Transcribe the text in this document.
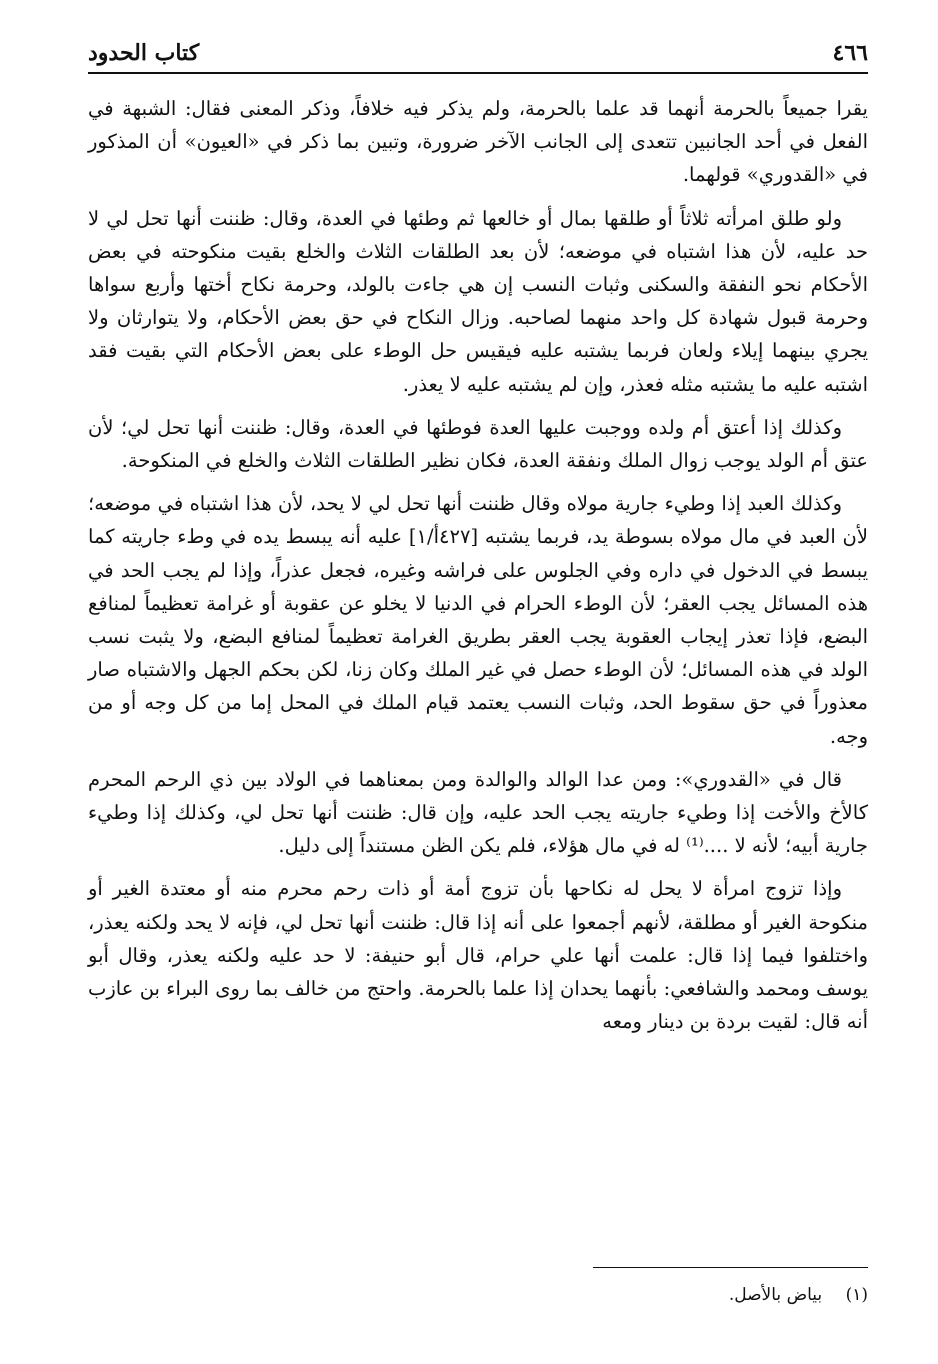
٤٦٦
كتاب الحدود

يقرا جميعاً بالحرمة أنهما قد علما بالحرمة، ولم يذكر فيه خلافاً، وذكر المعنى فقال: الشبهة في الفعل في أحد الجانبين تتعدى إلى الجانب الآخر ضرورة، وتبين بما ذكر في «العيون» أن المذكور في «القدوري» قولهما.

ولو طلق امرأته ثلاثاً أو طلقها بمال أو خالعها ثم وطئها في العدة، وقال: ظننت أنها تحل لي لا حد عليه، لأن هذا اشتباه في موضعه؛ لأن بعد الطلقات الثلاث والخلع بقيت منكوحته في بعض الأحكام نحو النفقة والسكنى وثبات النسب إن هي جاءت بالولد، وحرمة نكاح أختها وأربع سواها وحرمة قبول شهادة كل واحد منهما لصاحبه. وزال النكاح في حق بعض الأحكام، ولا يتوارثان ولا يجري بينهما إيلاء ولعان فربما يشتبه عليه فيقيس حل الوطء على بعض الأحكام التي بقيت فقد اشتبه عليه ما يشتبه مثله فعذر، وإن لم يشتبه عليه لا يعذر.

وكذلك إذا أعتق أم ولده ووجبت عليها العدة فوطئها في العدة، وقال: ظننت أنها تحل لي؛ لأن عتق أم الولد يوجب زوال الملك ونفقة العدة، فكان نظير الطلقات الثلاث والخلع في المنكوحة.

وكذلك العبد إذا وطيء جارية مولاه وقال ظننت أنها تحل لي لا يحد، لأن هذا اشتباه في موضعه؛ لأن العبد في مال مولاه بسوطة يد، فربما يشتبه [٤٢٧أ/١] عليه أنه يبسط يده في وطء جاريته كما يبسط في الدخول في داره وفي الجلوس على فراشه وغيره، فجعل عذراً، وإذا لم يجب الحد في هذه المسائل يجب العقر؛ لأن الوطء الحرام في الدنيا لا يخلو عن عقوبة أو غرامة تعظيماً لمنافع البضع، فإذا تعذر إيجاب العقوبة يجب العقر بطريق الغرامة تعظيماً لمنافع البضع، ولا يثبت نسب الولد في هذه المسائل؛ لأن الوطء حصل في غير الملك وكان زنا، لكن بحكم الجهل والاشتباه صار معذوراً في حق سقوط الحد، وثبات النسب يعتمد قيام الملك في المحل إما من كل وجه أو من وجه.

قال في «القدوري»: ومن عدا الوالد والوالدة ومن بمعناهما في الولاد بين ذي الرحم المحرم كالأخ والأخت إذا وطيء جاريته يجب الحد عليه، وإن قال: ظننت أنها تحل لي، وكذلك إذا وطيء جارية أبيه؛ لأنه لا ....⁽¹⁾ له في مال هؤلاء، فلم يكن الظن مستنداً إلى دليل.

وإذا تزوج امرأة لا يحل له نكاحها بأن تزوج أمة أو ذات رحم محرم منه أو معتدة الغير أو منكوحة الغير أو مطلقة، لأنهم أجمعوا على أنه إذا قال: ظننت أنها تحل لي، فإنه لا يحد ولكنه يعذر، واختلفوا فيما إذا قال: علمت أنها علي حرام، قال أبو حنيفة: لا حد عليه ولكنه يعذر، وقال أبو يوسف ومحمد والشافعي: بأنهما يحدان إذا علما بالحرمة. واحتج من خالف بما روى البراء بن عازب أنه قال: لقيت بردة بن دينار ومعه

(١) بياض بالأصل.
